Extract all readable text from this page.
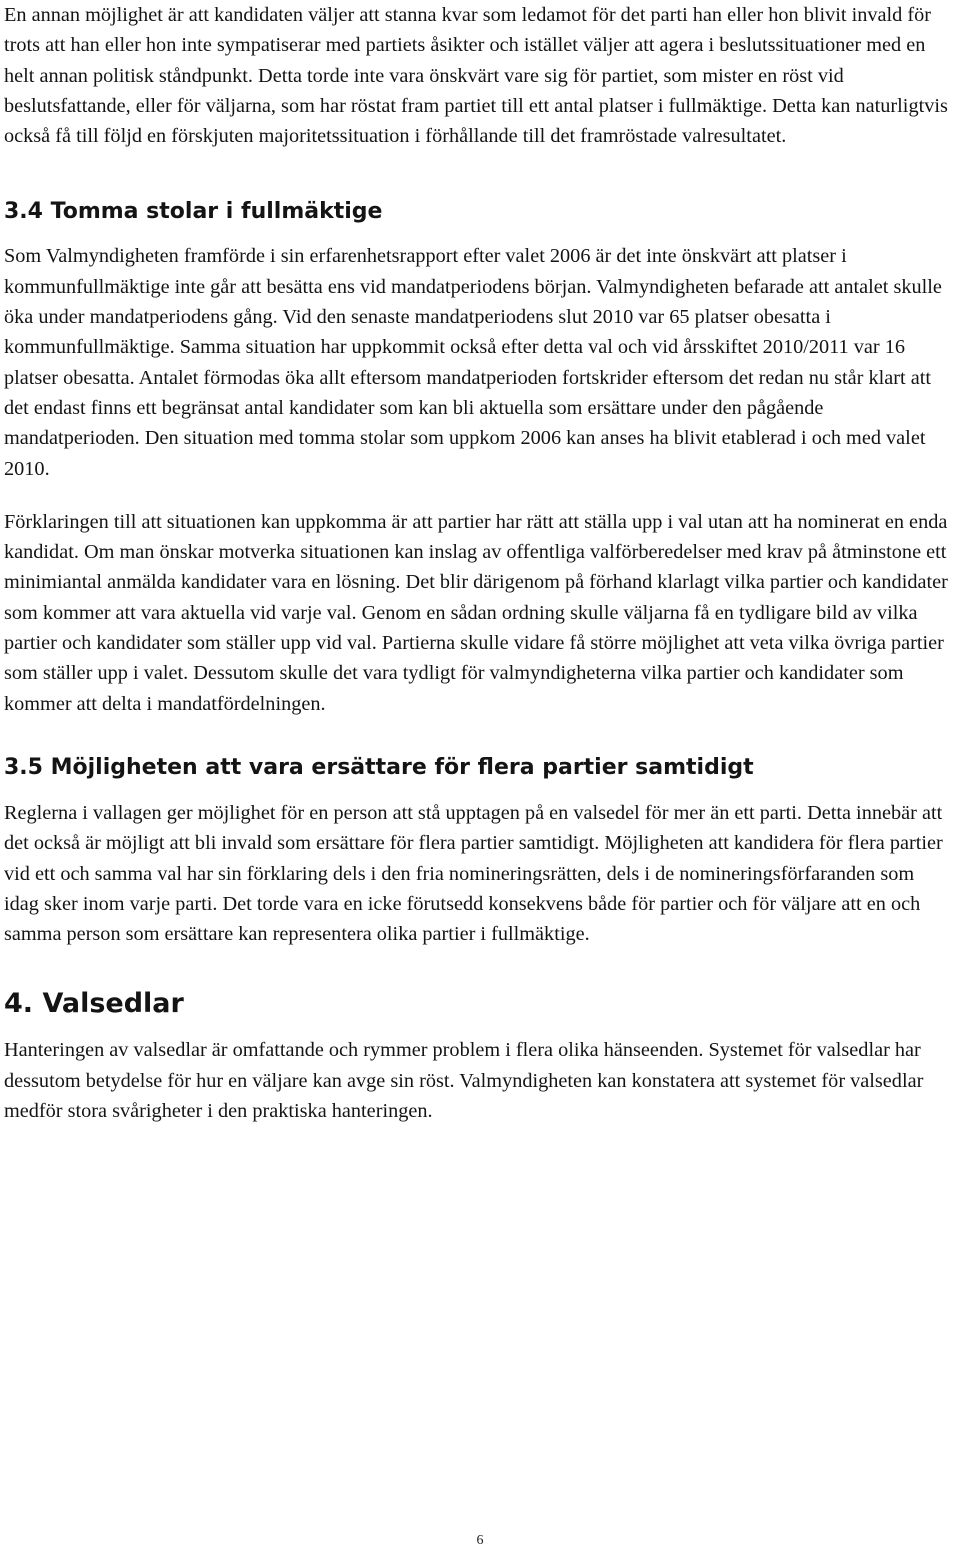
En annan möjlighet är att kandidaten väljer att stanna kvar som ledamot för det parti han eller hon blivit invald för trots att han eller hon inte sympatiserar med partiets åsikter och istället väljer att agera i beslutssituationer med en helt annan politisk ståndpunkt. Detta torde inte vara önskvärt vare sig för partiet, som mister en röst vid beslutsfattande, eller för väljarna, som har röstat fram partiet till ett antal platser i fullmäktige. Detta kan naturligtvis också få till följd en förskjuten majoritetssituation i förhållande till det framröstade valresultatet.

3.4 Tomma stolar i fullmäktige

Som Valmyndigheten framförde i sin erfarenhetsrapport efter valet 2006 är det inte önskvärt att platser i kommunfullmäktige inte går att besätta ens vid mandatperiodens början. Valmyndigheten befarade att antalet skulle öka under mandatperiodens gång. Vid den senaste mandatperiodens slut 2010 var 65 platser obesatta i kommunfullmäktige. Samma situation har uppkommit också efter detta val och vid årsskiftet 2010/2011 var 16 platser obesatta. Antalet förmodas öka allt eftersom mandatperioden fortskrider eftersom det redan nu står klart att det endast finns ett begränsat antal kandidater som kan bli aktuella som ersättare under den pågående mandatperioden. Den situation med tomma stolar som uppkom 2006 kan anses ha blivit etablerad i och med valet 2010.

Förklaringen till att situationen kan uppkomma är att partier har rätt att ställa upp i val utan att ha nominerat en enda kandidat. Om man önskar motverka situationen kan inslag av offentliga valförberedelser med krav på åtminstone ett minimiantal anmälda kandidater vara en lösning. Det blir därigenom på förhand klarlagt vilka partier och kandidater som kommer att vara aktuella vid varje val. Genom en sådan ordning skulle väljarna få en tydligare bild av vilka partier och kandidater som ställer upp vid val. Partierna skulle vidare få större möjlighet att veta vilka övriga partier som ställer upp i valet. Dessutom skulle det vara tydligt för valmyndigheterna vilka partier och kandidater som kommer att delta i mandatfördelningen.

3.5 Möjligheten att vara ersättare för flera partier samtidigt

Reglerna i vallagen ger möjlighet för en person att stå upptagen på en valsedel för mer än ett parti. Detta innebär att det också är möjligt att bli invald som ersättare för flera partier samtidigt. Möjligheten att kandidera för flera partier vid ett och samma val har sin förklaring dels i den fria nomineringsrätten, dels i de nomineringsförfaranden som idag sker inom varje parti. Det torde vara en icke förutsedd konsekvens både för partier och för väljare att en och samma person som ersättare kan representera olika partier i fullmäktige.

4. Valsedlar

Hanteringen av valsedlar är omfattande och rymmer problem i flera olika hänseenden. Systemet för valsedlar har dessutom betydelse för hur en väljare kan avge sin röst. Valmyndigheten kan konstatera att systemet för valsedlar medför stora svårigheter i den praktiska hanteringen.

6
